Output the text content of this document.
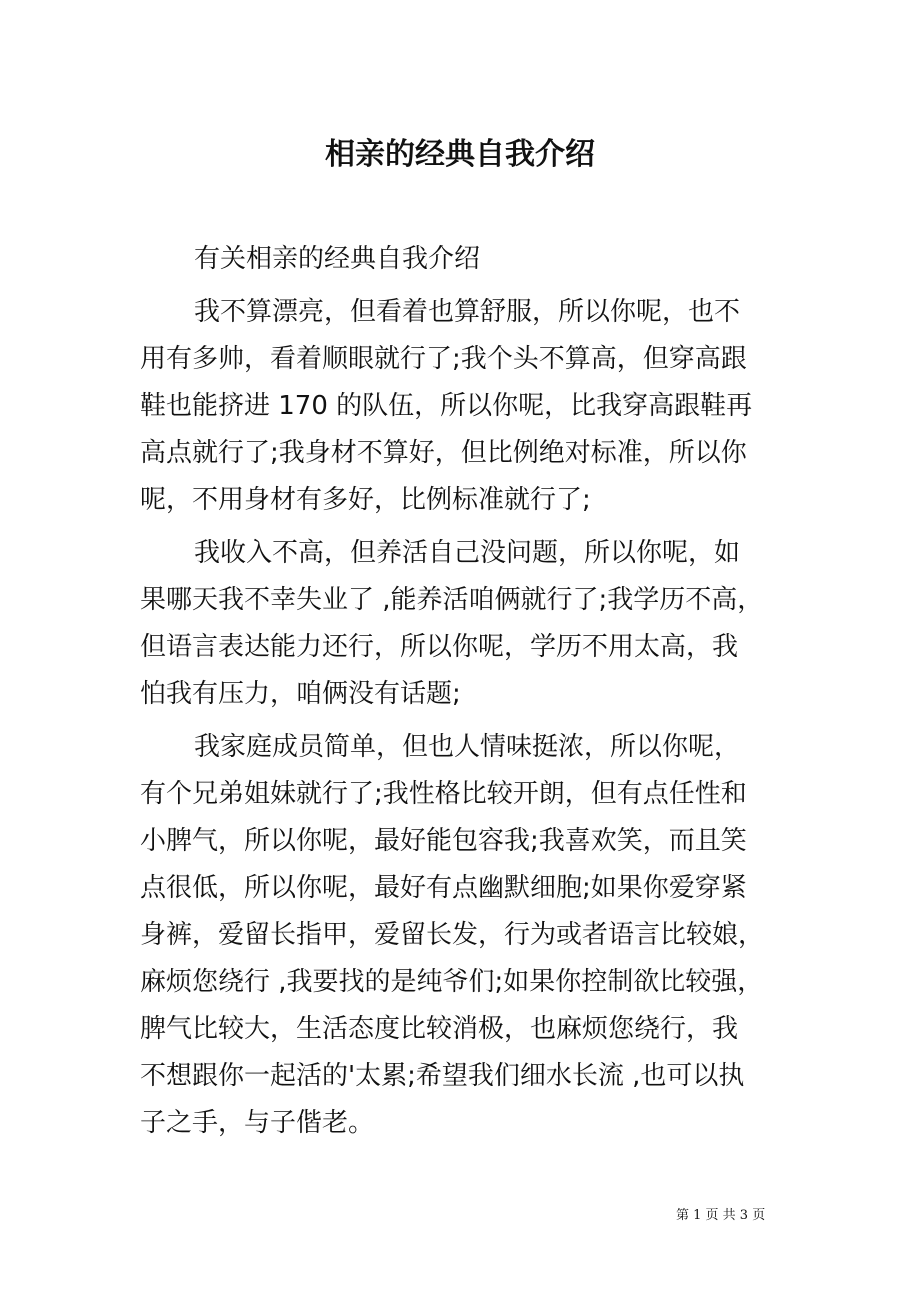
相亲的经典自我介绍
有关相亲的经典自我介绍
我不算漂亮，但看着也算舒服，所以你呢，也不
用有多帅，看着顺眼就行了;我个头不算高，但穿高跟
鞋也能挤进 170 的队伍，所以你呢，比我穿高跟鞋再
高点就行了;我身材不算好，但比例绝对标准，所以你
呢，不用身材有多好，比例标准就行了;
我收入不高，但养活自己没问题，所以你呢，如
果哪天我不幸失业了 ,能养活咱俩就行了;我学历不高，
但语言表达能力还行，所以你呢，学历不用太高，我
怕我有压力，咱俩没有话题;
我家庭成员简单，但也人情味挺浓，所以你呢，
有个兄弟姐妹就行了;我性格比较开朗，但有点任性和
小脾气，所以你呢，最好能包容我;我喜欢笑，而且笑
点很低，所以你呢，最好有点幽默细胞;如果你爱穿紧
身裤，爱留长指甲，爱留长发，行为或者语言比较娘，
麻烦您绕行 ,我要找的是纯爷们;如果你控制欲比较强，
脾气比较大，生活态度比较消极，也麻烦您绕行，我
不想跟你一起活的'太累;希望我们细水长流 ,也可以执
子之手，与子偕老。
第 1 页 共 3 页
